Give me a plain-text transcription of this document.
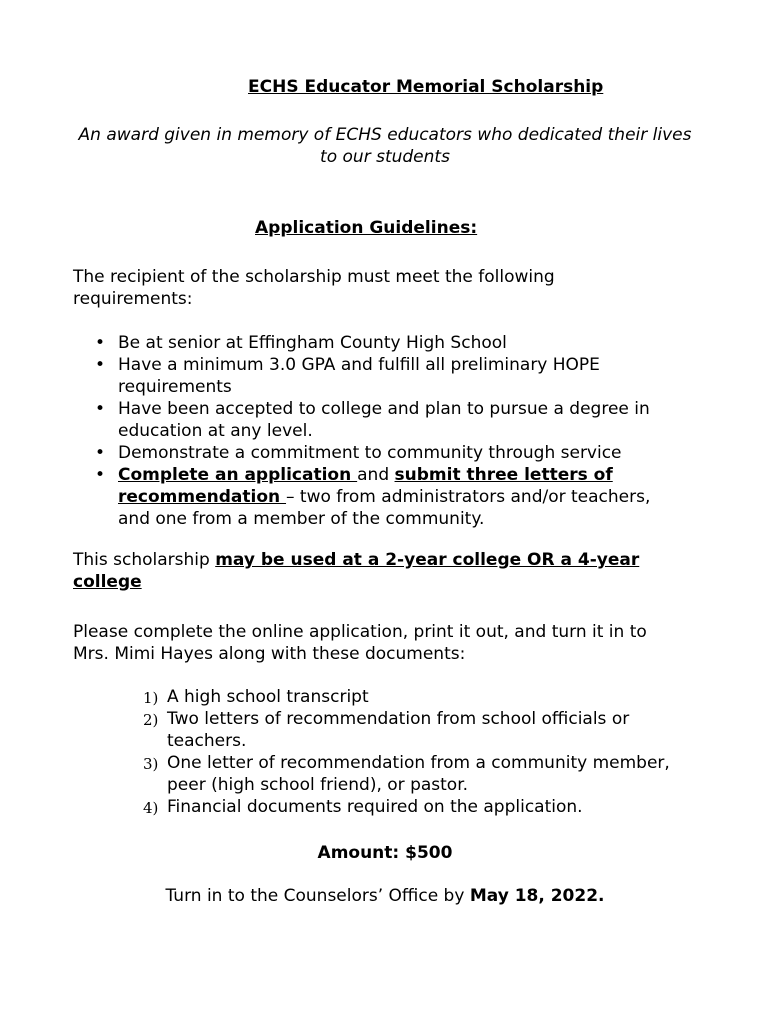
ECHS Educator Memorial Scholarship
An award given in memory of ECHS educators who dedicated their lives to our students
Application Guidelines:
The recipient of the scholarship must meet the following requirements:
• Be at senior at Effingham County High School
• Have a minimum 3.0 GPA and fulfill all preliminary HOPE requirements
• Have been accepted to college and plan to pursue a degree in education at any level.
• Demonstrate a commitment to community through service
• Complete an application and submit three letters of recommendation – two from administrators and/or teachers, and one from a member of the community.
This scholarship may be used at a 2-year college OR a 4-year college
Please complete the online application, print it out, and turn it in to Mrs. Mimi Hayes along with these documents:
1) A high school transcript
2) Two letters of recommendation from school officials or teachers.
3) One letter of recommendation from a community member, peer (high school friend), or pastor.
4) Financial documents required on the application.
Amount: $500
Turn in to the Counselors’ Office by May 18, 2022.
